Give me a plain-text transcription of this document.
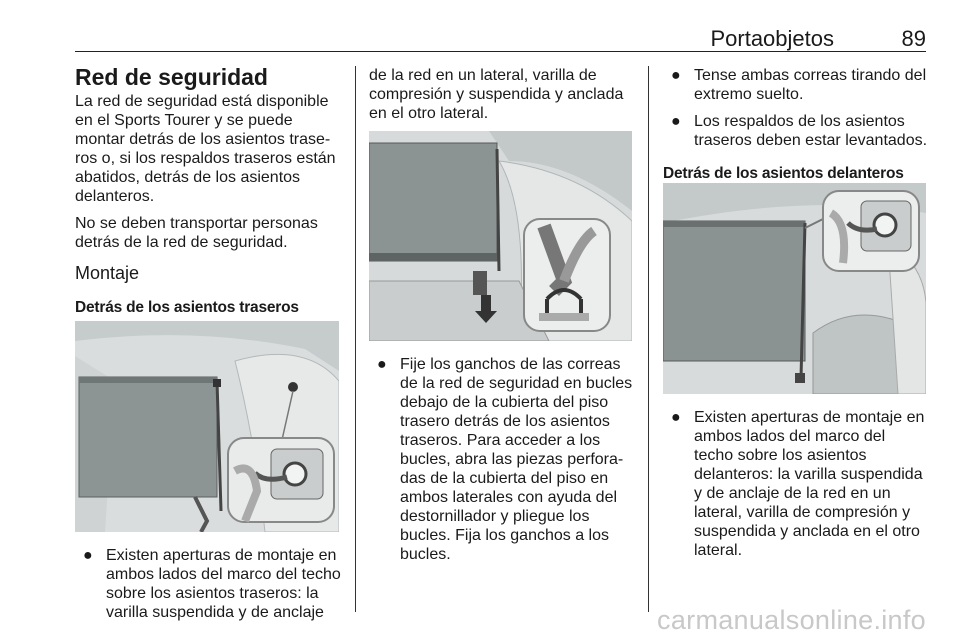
Portaobjetos	89
Red de seguridad

La red de seguridad está disponible en el Sports Tourer y se puede montar detrás de los asientos trase-ros o, si los respaldos traseros están abatidos, detrás de los asientos delanteros.

No se deben transportar personas detrás de la red de seguridad.

Montaje
Detrás de los asientos traseros
● Existen aperturas de montaje en ambos lados del marco del techo sobre los asientos traseros: la varilla suspendida y de anclaje

de la red en un lateral, varilla de compresión y suspendida y anclada en el otro lateral.

● Fije los ganchos de las correas de la red de seguridad en bucles debajo de la cubierta del piso trasero detrás de los asientos traseros. Para acceder a los bucles, abra las piezas perfora-das de la cubierta del piso en ambos laterales con ayuda del destornillador y pliegue los bucles. Fija los ganchos a los bucles.
● Tense ambas correas tirando del extremo suelto.
● Los respaldos de los asientos traseros deben estar levantados.
Detrás de los asientos delanteros
● Existen aperturas de montaje en ambos lados del marco del techo sobre los asientos delanteros: la varilla suspendida y de anclaje de la red en un lateral, varilla de compresión y suspendida y anclada en el otro lateral.
carmanualsonline.info
